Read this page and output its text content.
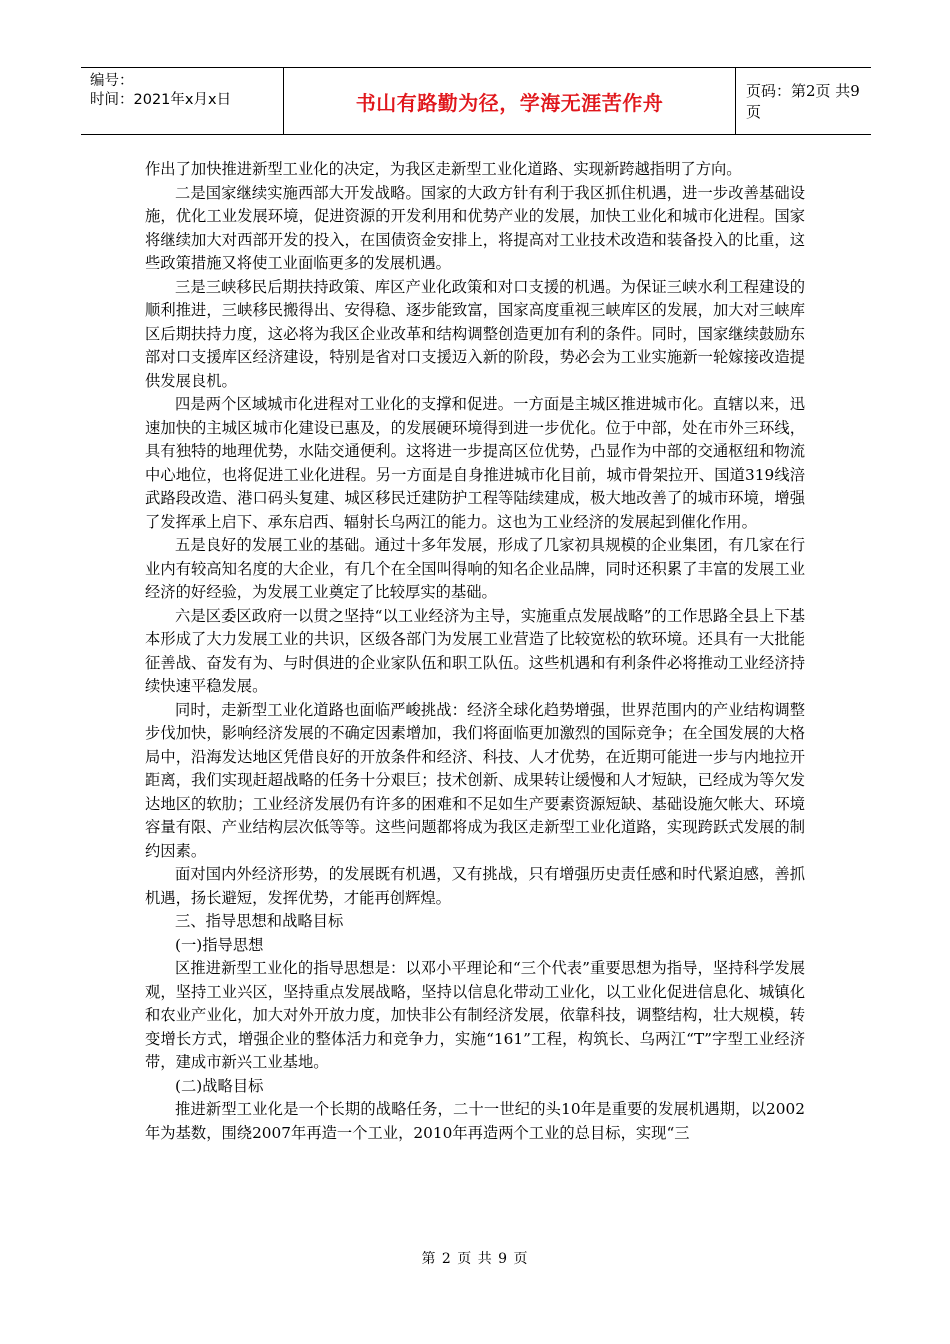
编号：
时间：2021年x月x日	书山有路勤为径，学海无涯苦作舟	页码：第2页 共9页

作出了加快推进新型工业化的决定，为我区走新型工业化道路、实现新跨越指明了方向。

二是国家继续实施西部大开发战略。国家的大政方针有利于我区抓住机遇，进一步改善基础设施，优化工业发展环境，促进资源的开发利用和优势产业的发展，加快工业化和城市化进程。国家将继续加大对西部开发的投入，在国债资金安排上，将提高对工业技术改造和装备投入的比重，这些政策措施又将使工业面临更多的发展机遇。

三是三峡移民后期扶持政策、库区产业化政策和对口支援的机遇。为保证三峡水利工程建设的顺利推进，三峡移民搬得出、安得稳、逐步能致富，国家高度重视三峡库区的发展，加大对三峡库区后期扶持力度，这必将为我区企业改革和结构调整创造更加有利的条件。同时，国家继续鼓励东部对口支援库区经济建设，特别是省对口支援迈入新的阶段，势必会为工业实施新一轮嫁接改造提供发展良机。

四是两个区域城市化进程对工业化的支撑和促进。一方面是主城区推进城市化。直辖以来，迅速加快的主城区城市化建设已惠及，的发展硬环境得到进一步优化。位于中部，处在市外三环线，具有独特的地理优势，水陆交通便利。这将进一步提高区位优势，凸显作为中部的交通枢纽和物流中心地位，也将促进工业化进程。另一方面是自身推进城市化目前，城市骨架拉开、国道319线涪武路段改造、港口码头复建、城区移民迁建防护工程等陆续建成，极大地改善了的城市环境，增强了发挥承上启下、承东启西、辐射长乌两江的能力。这也为工业经济的发展起到催化作用。

五是良好的发展工业的基础。通过十多年发展，形成了几家初具规模的企业集团，有几家在行业内有较高知名度的大企业，有几个在全国叫得响的知名企业品牌，同时还积累了丰富的发展工业经济的好经验，为发展工业奠定了比较厚实的基础。

六是区委区政府一以贯之坚持“以工业经济为主导，实施重点发展战略”的工作思路全县上下基本形成了大力发展工业的共识，区级各部门为发展工业营造了比较宽松的软环境。还具有一大批能征善战、奋发有为、与时俱进的企业家队伍和职工队伍。这些机遇和有利条件必将推动工业经济持续快速平稳发展。

同时，走新型工业化道路也面临严峻挑战：经济全球化趋势增强，世界范围内的产业结构调整步伐加快，影响经济发展的不确定因素增加，我们将面临更加激烈的国际竞争；在全国发展的大格局中，沿海发达地区凭借良好的开放条件和经济、科技、人才优势，在近期可能进一步与内地拉开距离，我们实现赶超战略的任务十分艰巨；技术创新、成果转让缓慢和人才短缺，已经成为等欠发达地区的软肋；工业经济发展仍有许多的困难和不足如生产要素资源短缺、基础设施欠帐大、环境容量有限、产业结构层次低等等。这些问题都将成为我区走新型工业化道路，实现跨跃式发展的制约因素。

面对国内外经济形势，的发展既有机遇，又有挑战，只有增强历史责任感和时代紧迫感，善抓机遇，扬长避短，发挥优势，才能再创辉煌。

三、指导思想和战略目标

(一)指导思想

区推进新型工业化的指导思想是：以邓小平理论和“三个代表”重要思想为指导，坚持科学发展观，坚持工业兴区，坚持重点发展战略，坚持以信息化带动工业化，以工业化促进信息化、城镇化和农业产业化，加大对外开放力度，加快非公有制经济发展，依靠科技，调整结构，壮大规模，转变增长方式，增强企业的整体活力和竞争力，实施“161”工程，构筑长、乌两江“T”字型工业经济带，建成市新兴工业基地。

(二)战略目标

推进新型工业化是一个长期的战略任务，二十一世纪的头10年是重要的发展机遇期，以2002年为基数，围绕2007年再造一个工业，2010年再造两个工业的总目标，实现“三

第 2 页 共 9 页
